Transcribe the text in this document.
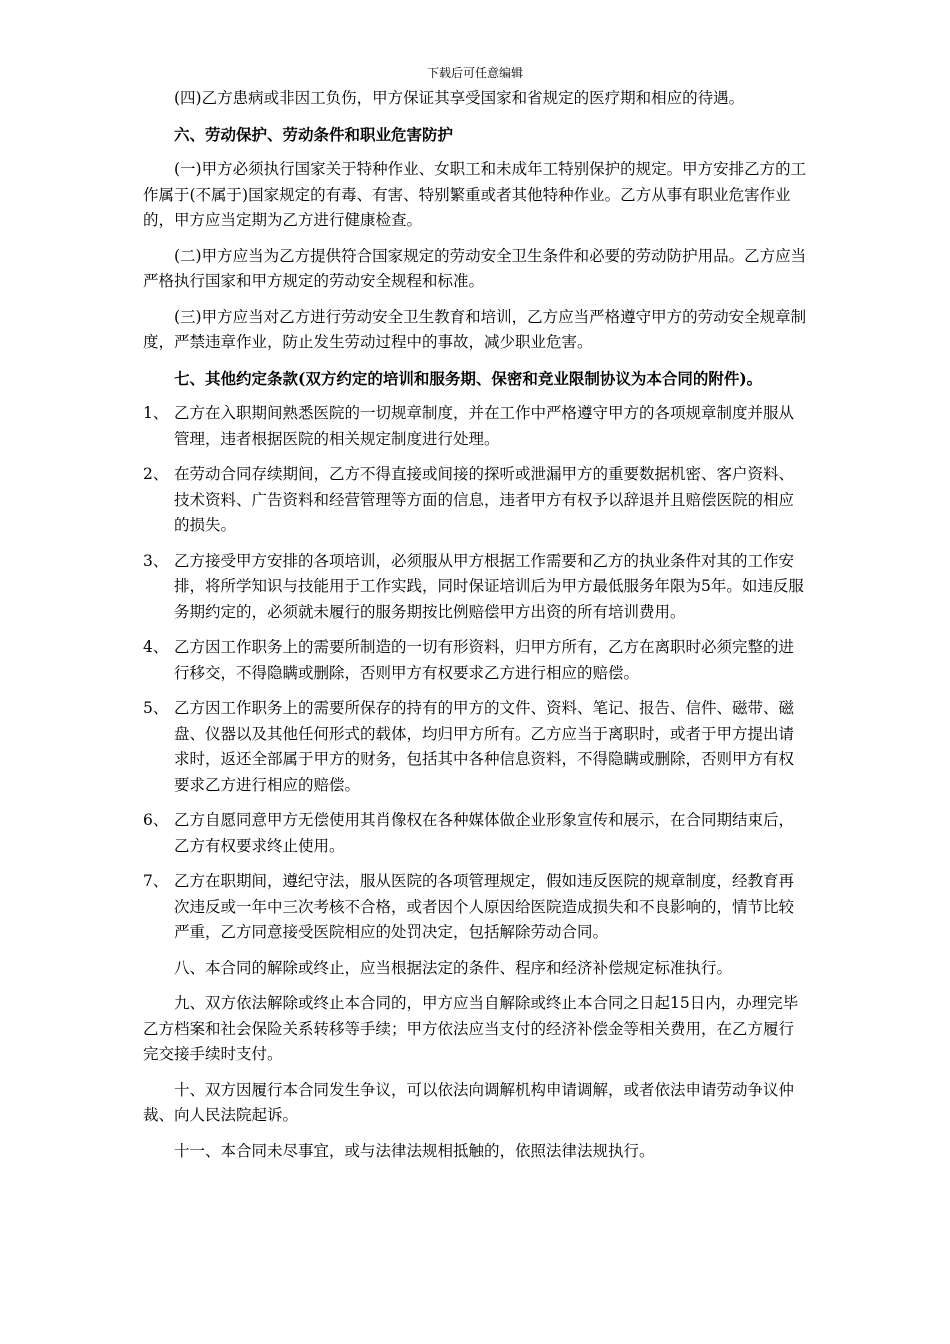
下载后可任意编辑

(四)乙方患病或非因工负伤，甲方保证其享受国家和省规定的医疗期和相应的待遇。

六、劳动保护、劳动条件和职业危害防护

(一)甲方必须执行国家关于特种作业、女职工和未成年工特别保护的规定。甲方安排乙方的工作属于(不属于)国家规定的有毒、有害、特别繁重或者其他特种作业。乙方从事有职业危害作业的，甲方应当定期为乙方进行健康检查。

(二)甲方应当为乙方提供符合国家规定的劳动安全卫生条件和必要的劳动防护用品。乙方应当严格执行国家和甲方规定的劳动安全规程和标准。

(三)甲方应当对乙方进行劳动安全卫生教育和培训，乙方应当严格遵守甲方的劳动安全规章制度，严禁违章作业，防止发生劳动过程中的事故，减少职业危害。

七、其他约定条款(双方约定的培训和服务期、保密和竞业限制协议为本合同的附件)。

1、 乙方在入职期间熟悉医院的一切规章制度，并在工作中严格遵守甲方的各项规章制度并服从管理，违者根据医院的相关规定制度进行处理。

2、 在劳动合同存续期间，乙方不得直接或间接的探听或泄漏甲方的重要数据机密、客户资料、技术资料、广告资料和经营管理等方面的信息，违者甲方有权予以辞退并且赔偿医院的相应的损失。

3、 乙方接受甲方安排的各项培训，必须服从甲方根据工作需要和乙方的执业条件对其的工作安排，将所学知识与技能用于工作实践，同时保证培训后为甲方最低服务年限为5年。如违反服务期约定的，必须就未履行的服务期按比例赔偿甲方出资的所有培训费用。

4、 乙方因工作职务上的需要所制造的一切有形资料，归甲方所有，乙方在离职时必须完整的进行移交，不得隐瞒或删除，否则甲方有权要求乙方进行相应的赔偿。

5、 乙方因工作职务上的需要所保存的持有的甲方的文件、资料、笔记、报告、信件、磁带、磁盘、仪器以及其他任何形式的载体，均归甲方所有。乙方应当于离职时，或者于甲方提出请求时，返还全部属于甲方的财务，包括其中各种信息资料，不得隐瞒或删除，否则甲方有权要求乙方进行相应的赔偿。

6、 乙方自愿同意甲方无偿使用其肖像权在各种媒体做企业形象宣传和展示，在合同期结束后，乙方有权要求终止使用。

7、 乙方在职期间，遵纪守法，服从医院的各项管理规定，假如违反医院的规章制度，经教育再次违反或一年中三次考核不合格，或者因个人原因给医院造成损失和不良影响的，情节比较严重，乙方同意接受医院相应的处罚决定，包括解除劳动合同。

八、本合同的解除或终止，应当根据法定的条件、程序和经济补偿规定标准执行。

九、双方依法解除或终止本合同的，甲方应当自解除或终止本合同之日起15日内，办理完毕乙方档案和社会保险关系转移等手续；甲方依法应当支付的经济补偿金等相关费用，在乙方履行完交接手续时支付。

十、双方因履行本合同发生争议，可以依法向调解机构申请调解，或者依法申请劳动争议仲裁、向人民法院起诉。

十一、本合同未尽事宜，或与法律法规相抵触的，依照法律法规执行。
